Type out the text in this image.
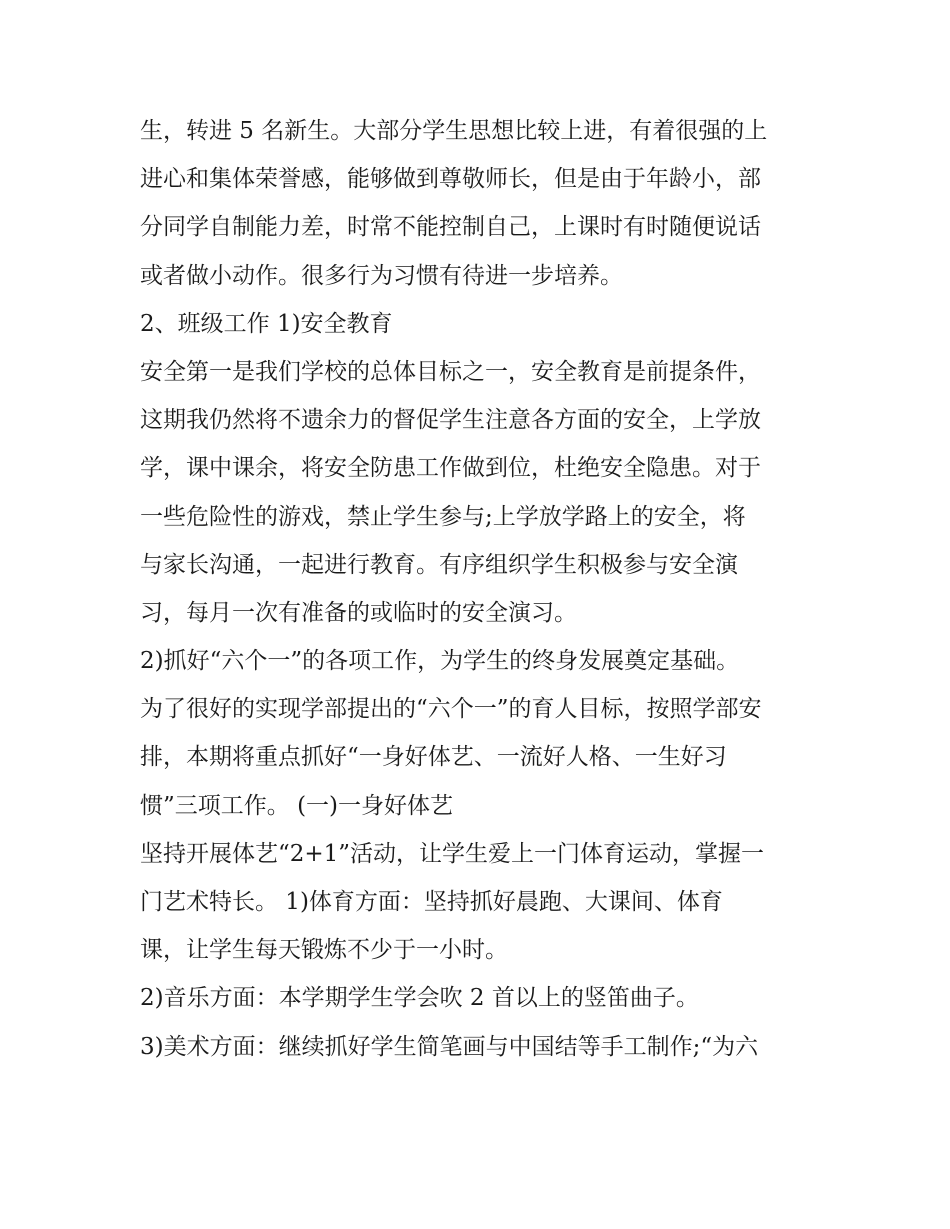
生，转进 5 名新生。大部分学生思想比较上进，有着很强的上
进心和集体荣誉感，能够做到尊敬师长，但是由于年龄小，部
分同学自制能力差，时常不能控制自己，上课时有时随便说话
或者做小动作。很多行为习惯有待进一步培养。
2、班级工作 1)安全教育
安全第一是我们学校的总体目标之一，安全教育是前提条件，
这期我仍然将不遗余力的督促学生注意各方面的安全，上学放
学，课中课余，将安全防患工作做到位，杜绝安全隐患。对于
一些危险性的游戏，禁止学生参与;上学放学路上的安全，将
与家长沟通，一起进行教育。有序组织学生积极参与安全演
习，每月一次有准备的或临时的安全演习。
2)抓好“六个一”的各项工作，为学生的终身发展奠定基础。
为了很好的实现学部提出的“六个一”的育人目标，按照学部安
排，本期将重点抓好“一身好体艺、一流好人格、一生好习
惯”三项工作。 (一)一身好体艺
坚持开展体艺“2+1”活动，让学生爱上一门体育运动，掌握一
门艺术特长。 1)体育方面：坚持抓好晨跑、大课间、体育
课，让学生每天锻炼不少于一小时。
2)音乐方面：本学期学生学会吹 2 首以上的竖笛曲子。
3)美术方面：继续抓好学生简笔画与中国结等手工制作;“为六
